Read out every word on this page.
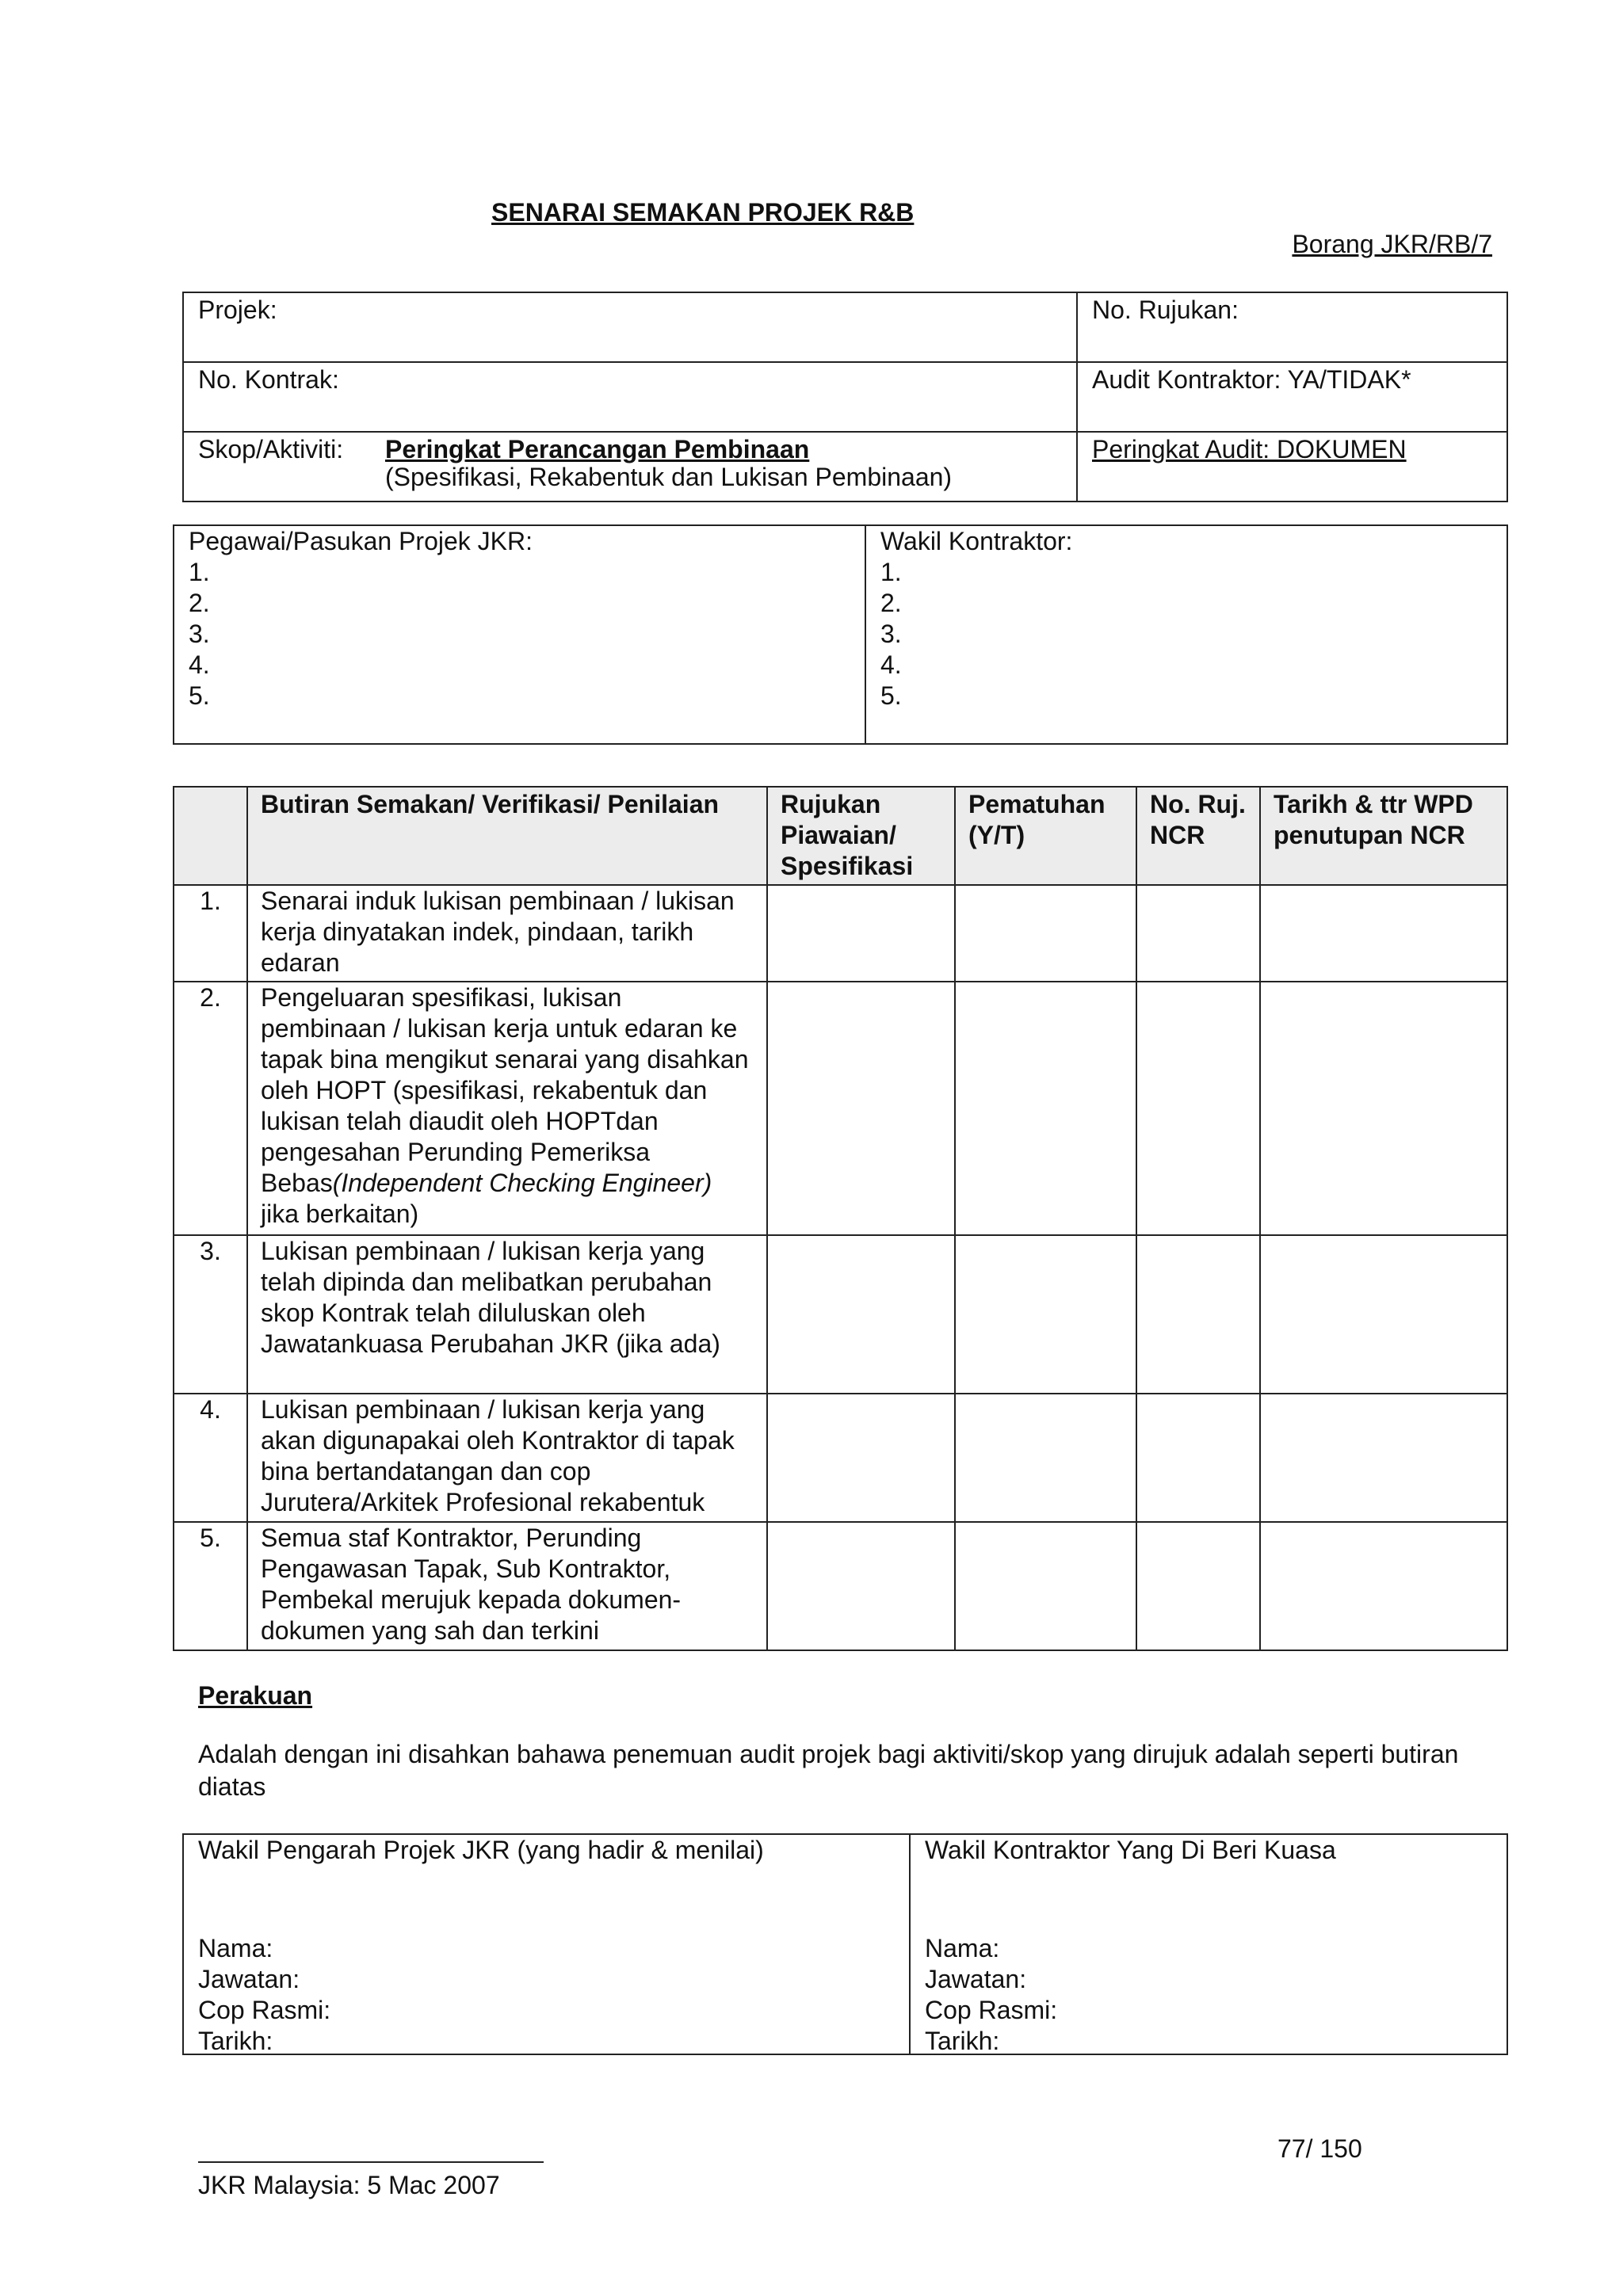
SENARAI SEMAKAN PROJEK R&B
Borang JKR/RB/7
Projek:	No. Rujukan:
No. Kontrak:	Audit Kontraktor: YA/TIDAK*

Skop/Aktiviti: Peringkat Perancangan Pembinaan
(Spesifikasi, Rekabentuk dan Lukisan Pembinaan)	Peringkat Audit: DOKUMEN
Pegawai/Pasukan Projek JKR:
1.
2.
3.
4.
5.

Wakil Kontraktor:
1.
2.
3.
4.
5.
	Butiran Semakan/ Verifikasi/ Penilaian	Rujukan Piawaian/ Spesifikasi	Pematuhan (Y/T)	No. Ruj. NCR	Tarikh & ttr WPD penutupan NCR
1.	Senarai induk lukisan pembinaan / lukisan kerja dinyatakan indek, pindaan, tarikh edaran				
2.	Pengeluaran spesifikasi, lukisan pembinaan / lukisan kerja untuk edaran ke tapak bina mengikut senarai yang disahkan oleh HOPT (spesifikasi, rekabentuk dan lukisan telah diaudit oleh HOPTdan pengesahan Perunding Pemeriksa Bebas(Independent Checking Engineer) jika berkaitan)				
3.	Lukisan pembinaan / lukisan kerja yang telah dipinda dan melibatkan perubahan skop Kontrak telah diluluskan oleh Jawatankuasa Perubahan JKR (jika ada)				
4.	Lukisan pembinaan / lukisan kerja yang akan digunapakai oleh Kontraktor di tapak bina bertandatangan dan cop Jurutera/Arkitek Profesional rekabentuk				
5.	Semua staf Kontraktor, Perunding Pengawasan Tapak, Sub Kontraktor, Pembekal merujuk kepada dokumen-dokumen yang sah dan terkini				
Perakuan
Adalah dengan ini disahkan bahawa penemuan audit projek bagi aktiviti/skop yang dirujuk adalah seperti butiran diatas
Wakil Pengarah Projek JKR (yang hadir & menilai)
Nama:
Jawatan:
Cop Rasmi:
Tarikh:

Wakil Kontraktor Yang Di Beri Kuasa
Nama:
Jawatan:
Cop Rasmi:
Tarikh:
77/ 150
JKR Malaysia: 5 Mac 2007
